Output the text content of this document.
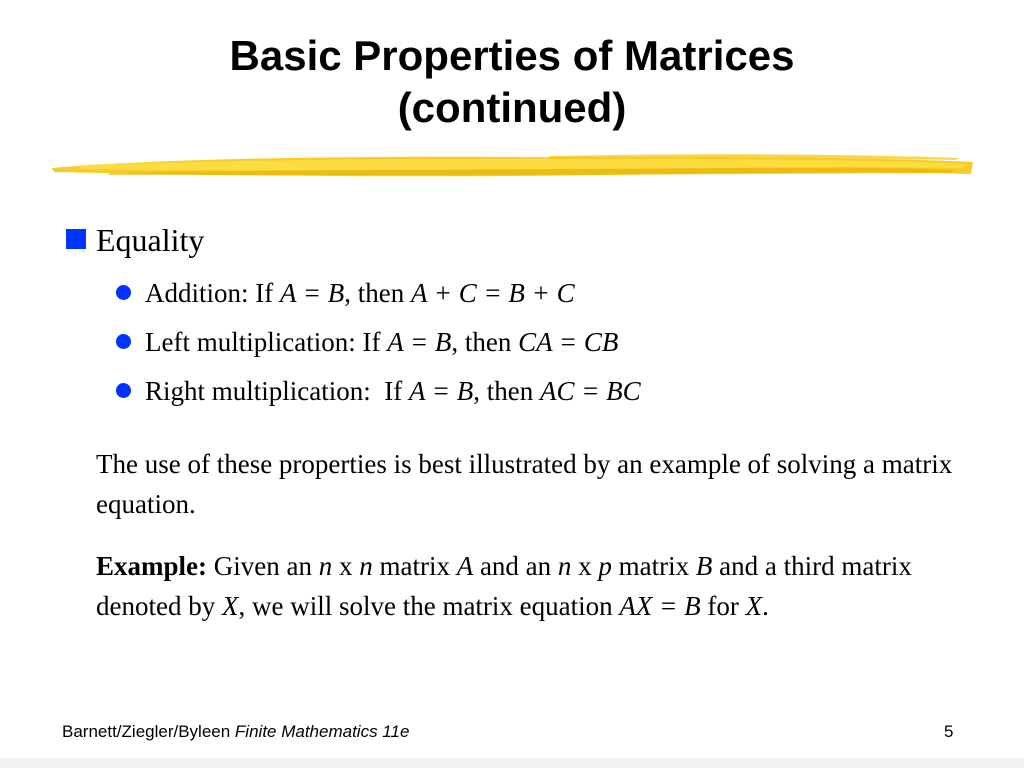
Basic Properties of Matrices
(continued)
Equality
Addition: If A = B, then A + C = B + C
Left multiplication: If A = B, then CA = CB
Right multiplication:  If A = B, then AC = BC
The use of these properties is best illustrated by an example of solving a matrix equation.
Example: Given an n x n matrix A and an n x p matrix B and a third matrix denoted by X, we will solve the matrix equation AX = B for X.
Barnett/Ziegler/Byleen Finite Mathematics 11e	5
